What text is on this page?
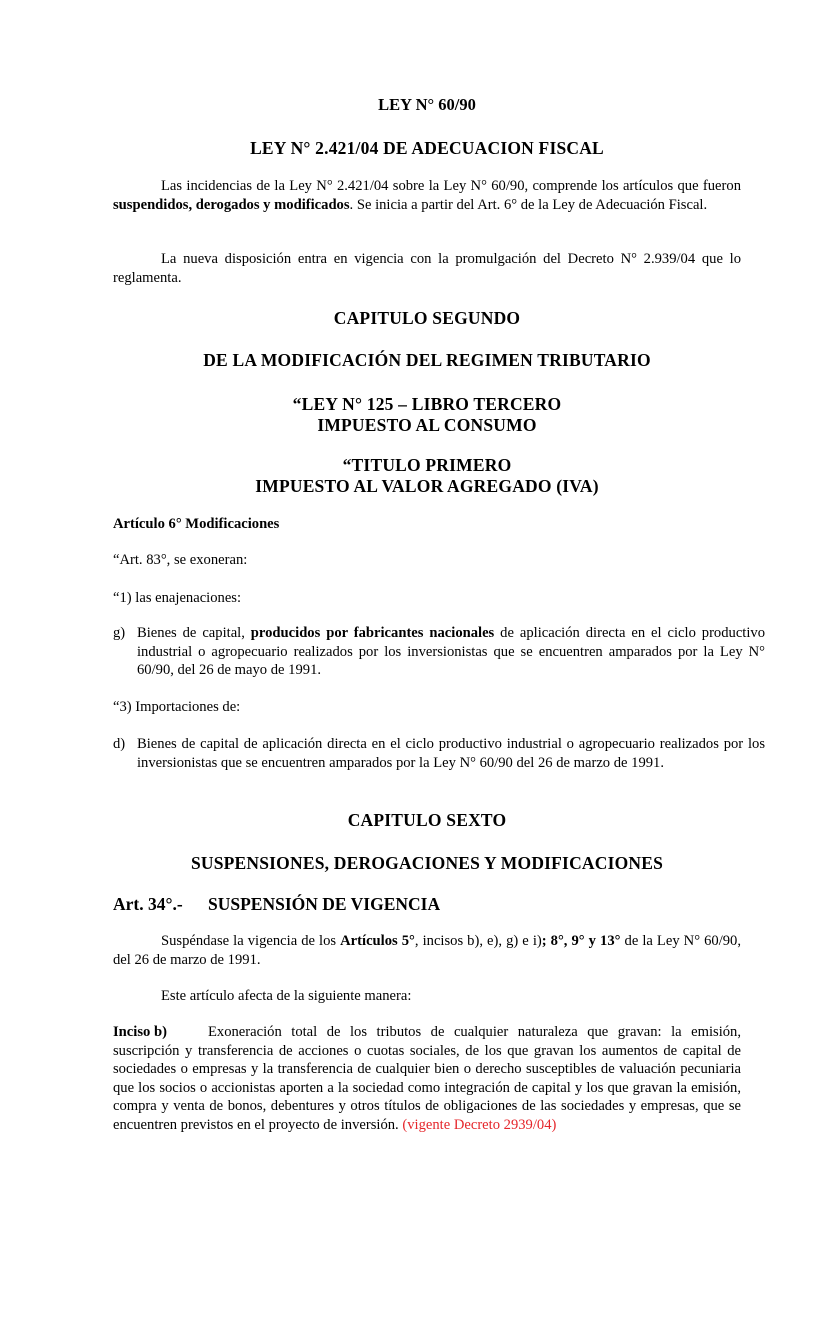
LEY N° 60/90
LEY N° 2.421/04 DE ADECUACION FISCAL

Las incidencias de la Ley N° 2.421/04 sobre la Ley N° 60/90, comprende los artículos que fueron suspendidos, derogados y modificados. Se inicia a partir del Art. 6° de la Ley de Adecuación Fiscal.

La nueva disposición entra en vigencia con la promulgación del Decreto N° 2.939/04 que lo reglamenta.

CAPITULO SEGUNDO
DE LA MODIFICACIÓN DEL REGIMEN TRIBUTARIO
“LEY N° 125 – LIBRO TERCERO
IMPUESTO AL CONSUMO
“TITULO PRIMERO
IMPUESTO AL VALOR AGREGADO (IVA)
Artículo 6° Modificaciones
“Art. 83°, se exoneran:
“1) las enajenaciones:

g) Bienes de capital, producidos por fabricantes nacionales de aplicación directa en el ciclo productivo industrial o agropecuario realizados por los inversionistas que se encuentren amparados por la Ley N° 60/90, del 26 de mayo de 1991.

“3) Importaciones de:

d) Bienes de capital de aplicación directa en el ciclo productivo industrial o agropecuario realizados por los inversionistas que se encuentren amparados por la Ley N° 60/90 del 26 de marzo de 1991.

CAPITULO SEXTO
SUSPENSIONES, DEROGACIONES Y MODIFICACIONES
Art. 34°.- SUSPENSIÓN DE VIGENCIA

Suspéndase la vigencia de los Artículos 5°, incisos b), e), g) e i); 8°, 9° y 13° de la Ley N° 60/90, del 26 de marzo de 1991.

Este artículo afecta de la siguiente manera:

Inciso b)	Exoneración total de los tributos de cualquier naturaleza que gravan: la emisión, suscripción y transferencia de acciones o cuotas sociales, de los que gravan los aumentos de capital de sociedades o empresas y la transferencia de cualquier bien o derecho susceptibles de valuación pecuniaria que los socios o accionistas aporten a la sociedad como integración de capital y los que gravan la emisión, compra y venta de bonos, debentures y otros títulos de obligaciones de las sociedades y empresas, que se encuentren previstos en el proyecto de inversión. (vigente Decreto 2939/04)
